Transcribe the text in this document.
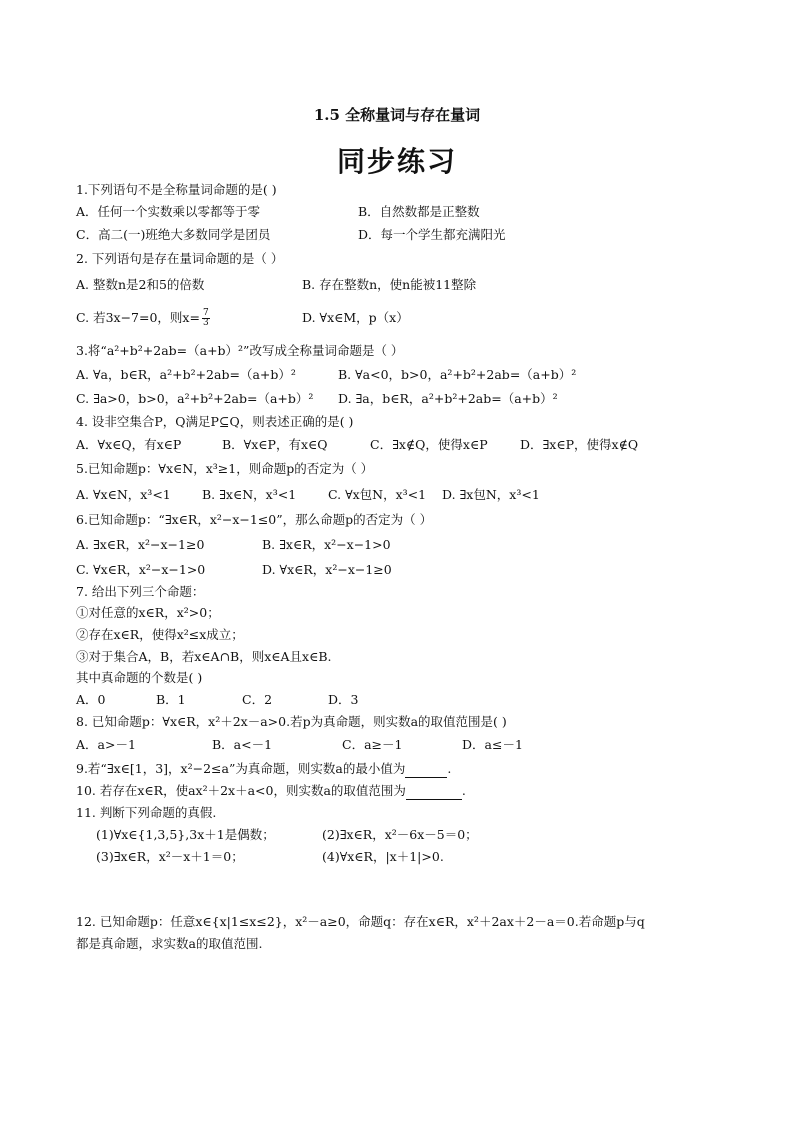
1.5 全称量词与存在量词
同步练习
1.下列语句不是全称量词命题的是( )
A．任何一个实数乘以零都等于零	B．自然数都是正整数
C．高二(一)班绝大多数同学是团员	D．每一个学生都充满阳光
2. 下列语句是存在量词命题的是（ ）
A. 整数n是2和5的倍数	B. 存在整数n，使n能被11整除
C. 若3x−7=0，则$x= \frac{7}{3}$	D. ∀x∈M，p（x）
3.将“a²+b²+2ab=（a+b）²”改写成全称量词命题是（ ）
A. ∀a，b∈R，a²+b²+2ab=（a+b）²	B. ∀a<0，b>0，a²+b²+2ab=（a+b）²
C. ∃a>0，b>0，a²+b²+2ab=（a+b）² D. ∃a，b∈R，a²+b²+2ab=（a+b）²
4. 设非空集合P，Q满足P⊆Q，则表述正确的是( )
A．∀x∈Q，有x∈P	B．∀x∈P，有x∈Q	C．∃x∉Q，使得x∈P	D．∃x∈P，使得x∉Q
5.已知命题p：∀x∈N，x³≥1，则命题p的否定为（ ）
A. ∀x∈N，x³<1	B. ∃x∈N，x³<1	C. ∀x包N，x³<1 D. ∃x包N，x³<1
6.已知命题p：“∃x∈R，x²−x−1≤0”，那么命题p的否定为（ ）
A. ∃x∈R，x²−x−1≥0	B. ∃x∈R，x²−x−1>0
C. ∀x∈R，x²−x−1>0	D. ∀x∈R，x²−x−1≥0
7. 给出下列三个命题：
①对任意的x∈R，x²>0；
②存在x∈R，使得x²≤x成立；
③对于集合A，B，若x∈A∩B，则x∈A且x∈B.
其中真命题的个数是( )
A．0	B．1	C．2	D．3
8. 已知命题p：∀x∈R，x²＋2x－a>0.若p为真命题，则实数a的取值范围是( )
A．a>－1	B．a<－1	C．a≥－1	D．a≤－1
9.若“∃x∈[1，3]，x²−2≤a”为真命题，则实数a的最小值为	.
10. 若存在x∈R，使ax²＋2x＋a<0，则实数a的取值范围为	.
11. 判断下列命题的真假.
(1)∀x∈{1,3,5},3x＋1是偶数；	(2)∃x∈R，x²－6x－5＝0；
(3)∃x∈R，x²－x＋1＝0；	(4)∀x∈R，|x＋1|>0.
12. 已知命题p：任意x∈{x|1≤x≤2}，x²－a≥0，命题q：存在x∈R，x²＋2ax＋2－a＝0.若命题p与q
都是真命题，求实数a的取值范围.
